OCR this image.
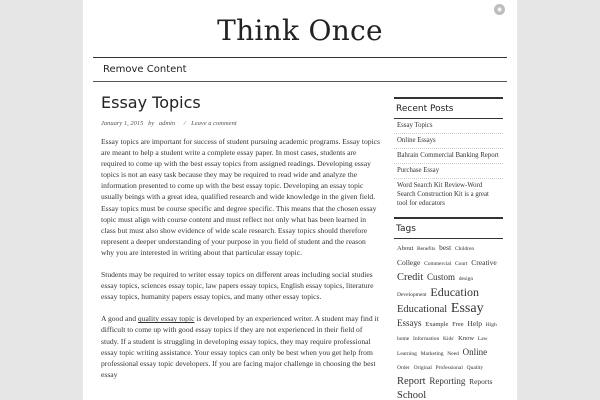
Think Once
Remove Content
Essay Topics
January 1, 2015 by admin / Leave a comment

Essay topics are important for success of student pursuing academic programs. Essay topics are meant to help a student write a complete essay paper. In most cases, students are required to come up with the best essay topics from assigned readings. Developing essay topics is not an easy task because they may be required to read wide and analyze the information presented to come up with the best essay topic. Developing an essay topic usually beings with a great idea, qualified research and wide knowledge in the given field. Essay topics must be course specific and degree specific. This means that the chosen essay topic must align with course content and must reflect not only what has been learned in class but must also show evidence of wide scale research. Essay topics should therefore represent a deeper understanding of your purpose in you field of student and the reason why you are interested in writing about that particular essay topic.

Students may be required to writer essay topics on different areas including social studies essay topics, sciences essay topic, law papers essay topics, English essay topics, literature essay topics, humanity papers essay topics, and many other essay topics.

A good and quality essay topic is developed by an experienced writer. A student may find it difficult to come up with good essay topics if they are not experienced in their field of study. If a student is struggling in developing essay topics, they may require professional essay topic writing assistance. Your essay topics can only be best when you get help from professional essay topic developers. If you are facing major challenge in choosing the best essay

Recent Posts
Essay Topics
Online Essays
Bahrain Commercial Banking Report
Purchase Essay
Word Search Kit Review-Word Search Construction Kit is a great tool for educators
Tags
About Benefits best Children College Commercial Court Creative Credit Custom design Development Education Educational Essay Essays Example Free Help High home Information Kids' Know Law Learning Marketing Need Online Order Original Professional Quality Report Reporting Reports School
◉
